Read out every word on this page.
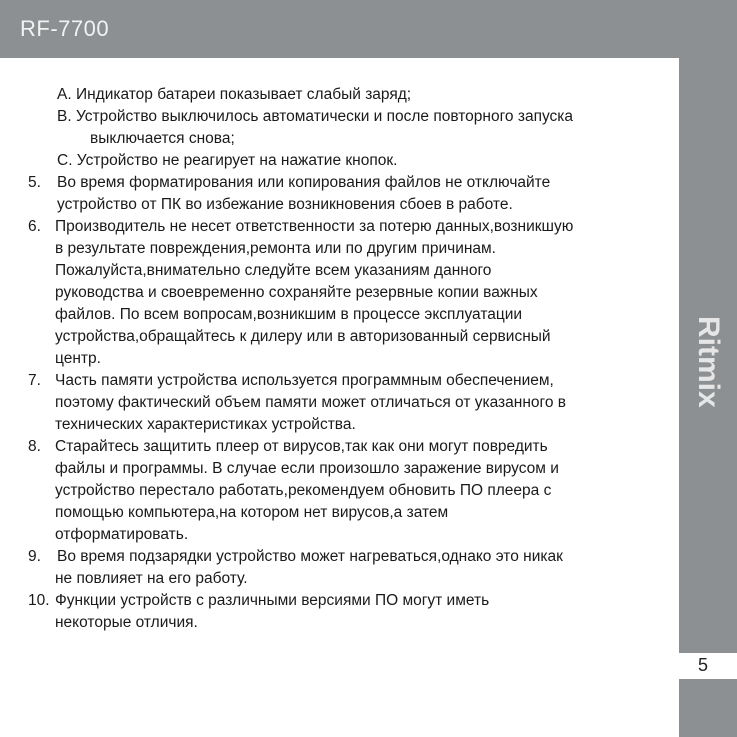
RF-7700
Ritmix
5
A. Индикатор батареи показывает слабый заряд;
B. Устройство выключилось автоматически и после повторного запуска
выключается снова;
C. Устройство не реагирует на нажатие кнопок.
5. Во время форматирования или копирования файлов не отключайте
устройство от ПК во избежание возникновения сбоев в работе.
6. Производитель не несет ответственности за потерю данных,возникшую
в результате повреждения,ремонта или по другим причинам.
Пожалуйста,внимательно следуйте всем указаниям данного
руководства и своевременно сохраняйте резервные копии важных
файлов. По всем вопросам,возникшим в процессе эксплуатации
устройства,обращайтесь к дилеру или в авторизованный сервисный
центр.
7. Часть памяти устройства используется программным обеспечением,
поэтому фактический объем памяти может отличаться от указанного в
технических характеристиках устройства.
8. Старайтесь защитить плеер от вирусов,так как они могут повредить
файлы и программы. В случае если произошло заражение вирусом и
устройство перестало работать,рекомендуем обновить ПО плеера с
помощью компьютера,на котором нет вирусов,а затем
отформатировать.
9. Во время подзарядки устройство может нагреваться,однако это никак
не повлияет на его работу.
10. Функции устройств с различными версиями ПО могут иметь
некоторые отличия.
